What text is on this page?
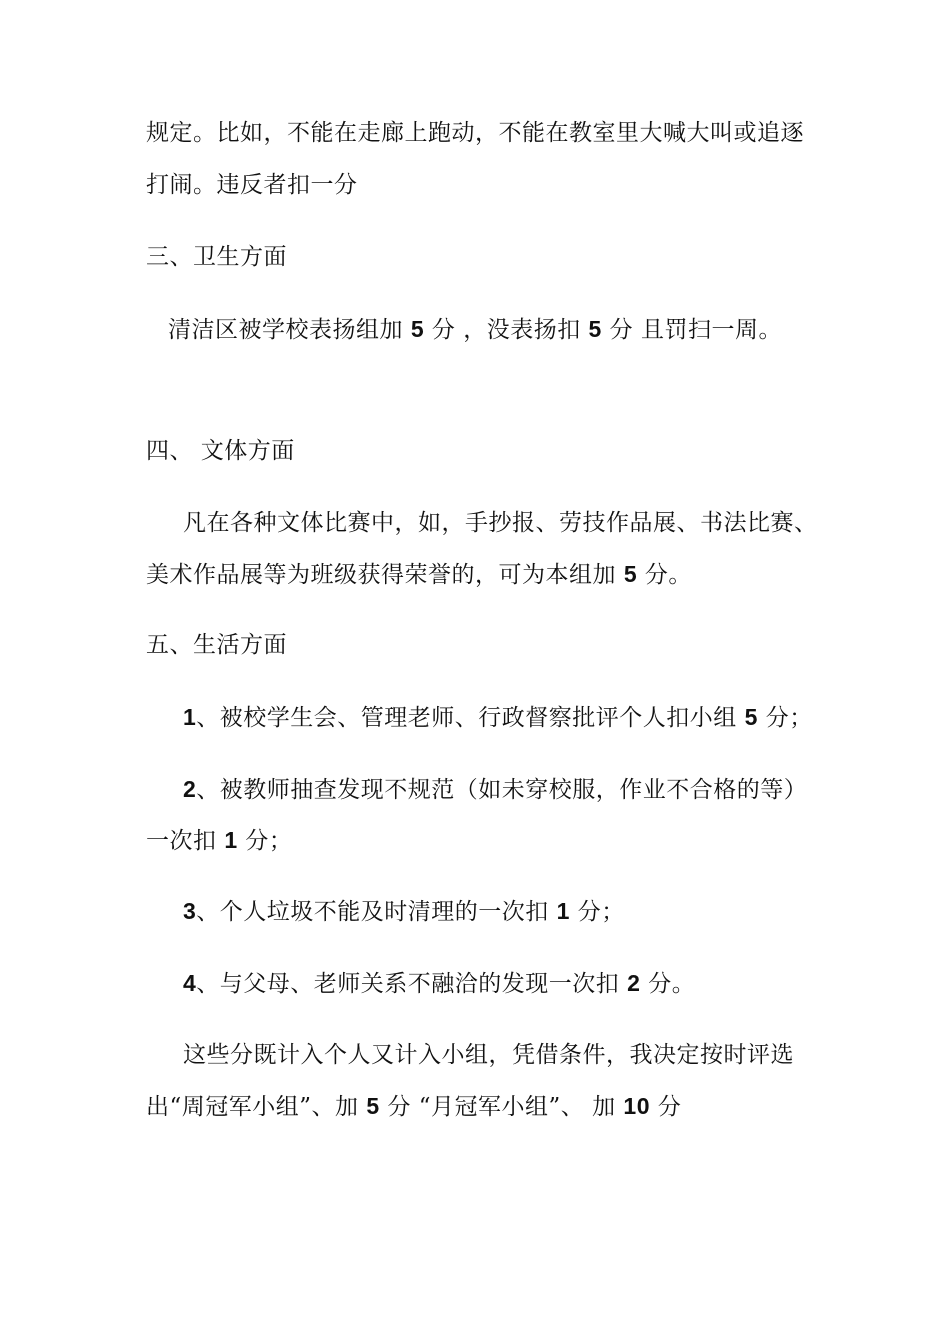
规定。比如，不能在走廊上跑动，不能在教室里大喊大叫或追逐
打闹。违反者扣一分
三、卫生方面
清洁区被学校表扬组加 5 分 ，没表扬扣 5 分 且罚扫一周。
四、 文体方面
凡在各种文体比赛中，如，手抄报、劳技作品展、书法比赛、
美术作品展等为班级获得荣誉的，可为本组加 5 分。
五、生活方面
1、被校学生会、管理老师、行政督察批评个人扣小组 5 分；
2、被教师抽查发现不规范（如未穿校服，作业不合格的等）
一次扣 1 分；
3、个人垃圾不能及时清理的一次扣 1 分；
4、与父母、老师关系不融洽的发现一次扣 2 分。
这些分既计入个人又计入小组，凭借条件，我决定按时评选
出“周冠军小组”、加 5 分 “月冠军小组”、 加 10 分
